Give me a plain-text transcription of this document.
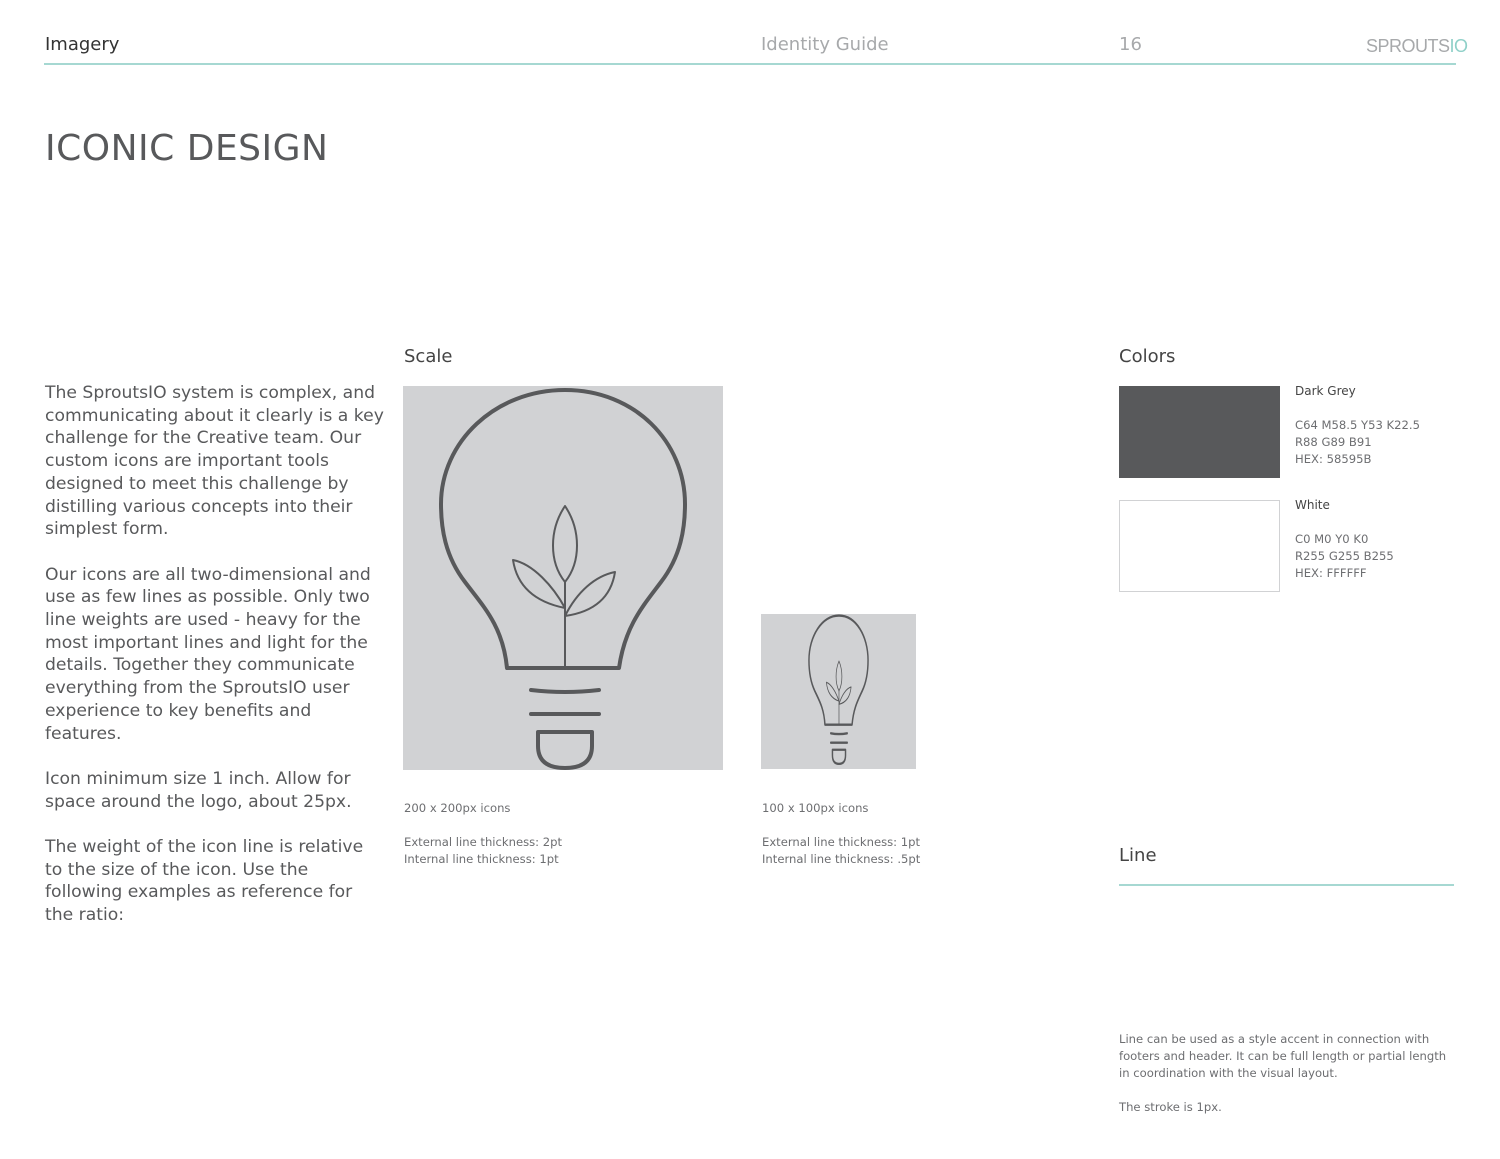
Imagery	Identity Guide	16	SPROUTSIO
ICONIC DESIGN

The SproutsIO system is complex, and communicating about it clearly is a key challenge for the Creative team. Our custom icons are important tools designed to meet this challenge by distilling various concepts into their simplest form.

Our icons are all two-dimensional and use as few lines as possible. Only two line weights are used - heavy for the most important lines and light for the details. Together they communicate everything from the SproutsIO user experience to key benefits and features.

Icon minimum size 1 inch. Allow for space around the logo, about 25px.

The weight of the icon line is relative to the size of the icon. Use the following examples as reference for the ratio:

Scale
200 x 200px icons
External line thickness: 2pt
Internal line thickness: 1pt
100 x 100px icons
External line thickness: 1pt
Internal line thickness: .5pt
Colors
Dark Grey
C64 M58.5 Y53 K22.5
R88 G89 B91
HEX: 58595B
White
C0 M0 Y0 K0
R255 G255 B255
HEX: FFFFFF
Line

Line can be used as a style accent in connection with footers and header. It can be full length or partial length in coordination with the visual layout.

The stroke is 1px.
